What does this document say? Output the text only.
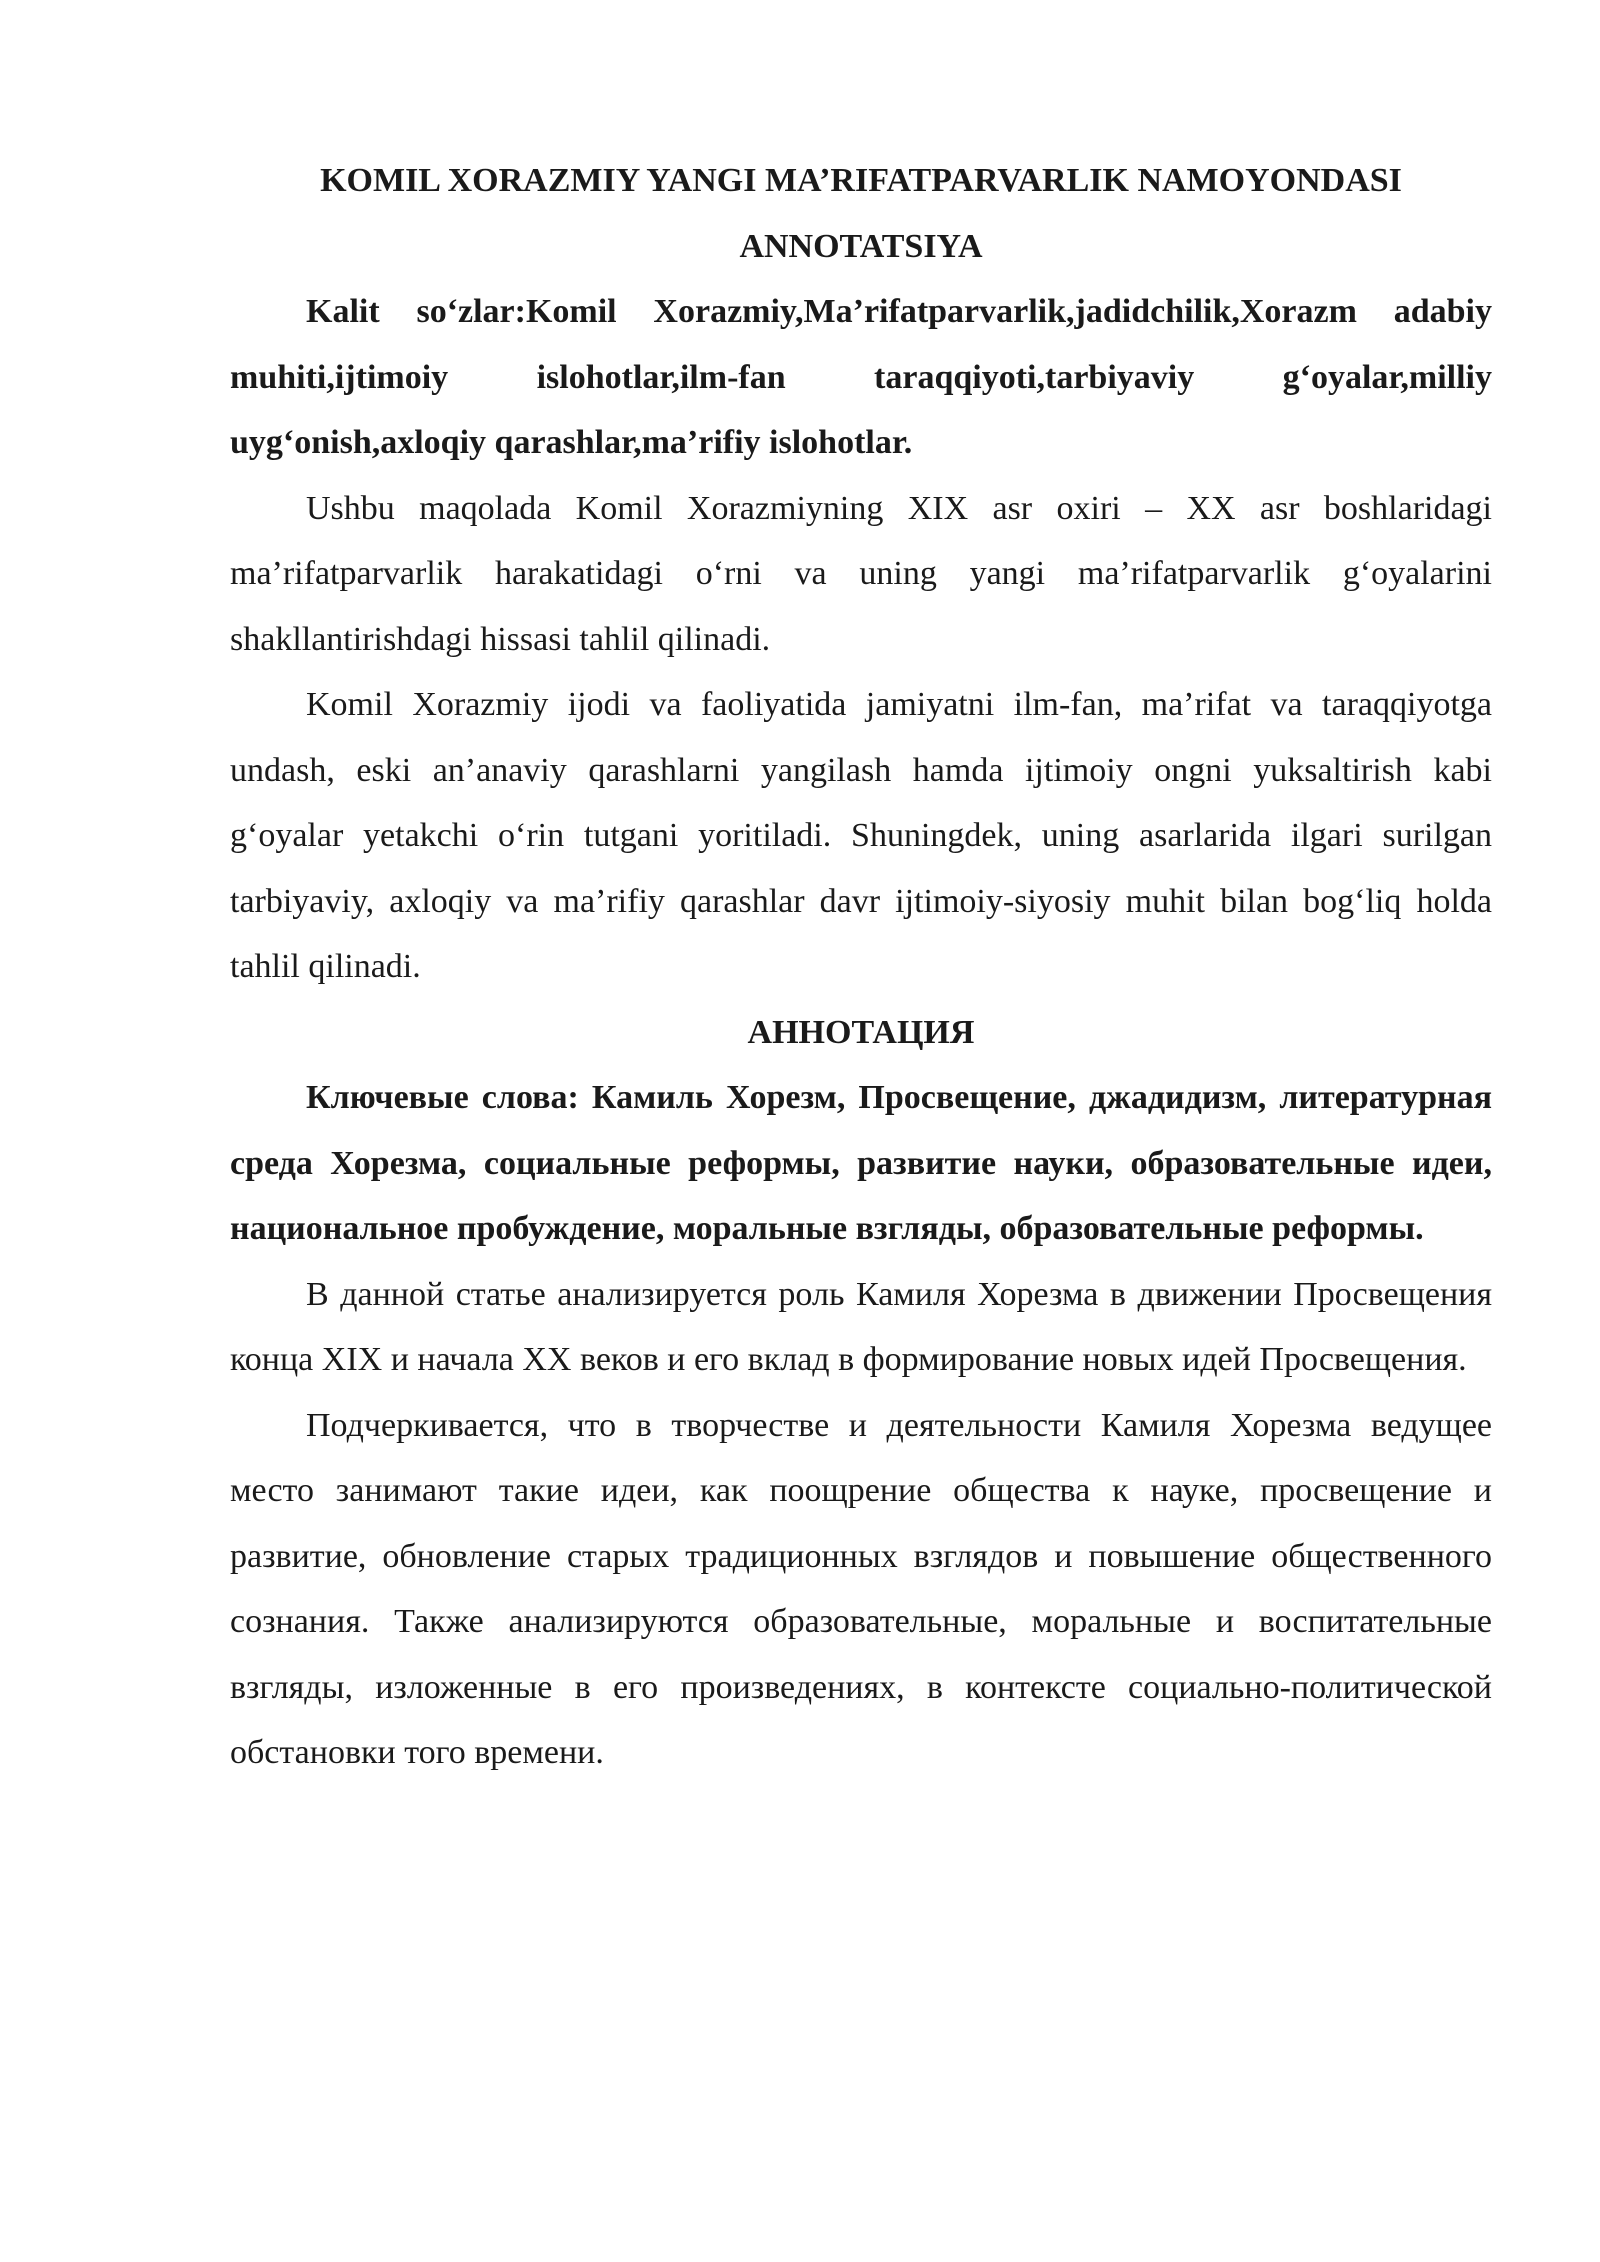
KOMIL XORAZMIY YANGI MA’RIFATPARVARLIK NAMOYONDASI

ANNOTATSIYA

Kalit so‘zlar:Komil Xorazmiy,Ma’rifatparvarlik,jadidchilik,Xorazm adabiy muhiti,ijtimoiy islohotlar,ilm-fan taraqqiyoti,tarbiyaviy g‘oyalar,milliy uyg‘onish,axloqiy qarashlar,ma’rifiy islohotlar.

Ushbu maqolada Komil Xorazmiyning XIX asr oxiri – XX asr boshlaridagi ma’rifatparvarlik harakatidagi o‘rni va uning yangi ma’rifatparvarlik g‘oyalarini shakllantirishdagi hissasi tahlil qilinadi.

Komil Xorazmiy ijodi va faoliyatida jamiyatni ilm-fan, ma’rifat va taraqqiyotga undash, eski an’anaviy qarashlarni yangilash hamda ijtimoiy ongni yuksaltirish kabi g‘oyalar yetakchi o‘rin tutgani yoritiladi. Shuningdek, uning asarlarida ilgari surilgan tarbiyaviy, axloqiy va ma’rifiy qarashlar davr ijtimoiy-siyosiy muhit bilan bog‘liq holda tahlil qilinadi.

АННОТАЦИЯ

Ключевые слова: Камиль Хорезм, Просвещение, джадидизм, литературная среда Хорезма, социальные реформы, развитие науки, образовательные идеи, национальное пробуждение, моральные взгляды, образовательные реформы.

В данной статье анализируется роль Камиля Хорезма в движении Просвещения конца XIX и начала XX веков и его вклад в формирование новых идей Просвещения.

Подчеркивается, что в творчестве и деятельности Камиля Хорезма ведущее место занимают такие идеи, как поощрение общества к науке, просвещение и развитие, обновление старых традиционных взглядов и повышение общественного сознания. Также анализируются образовательные, моральные и воспитательные взгляды, изложенные в его произведениях, в контексте социально-политической обстановки того времени.
